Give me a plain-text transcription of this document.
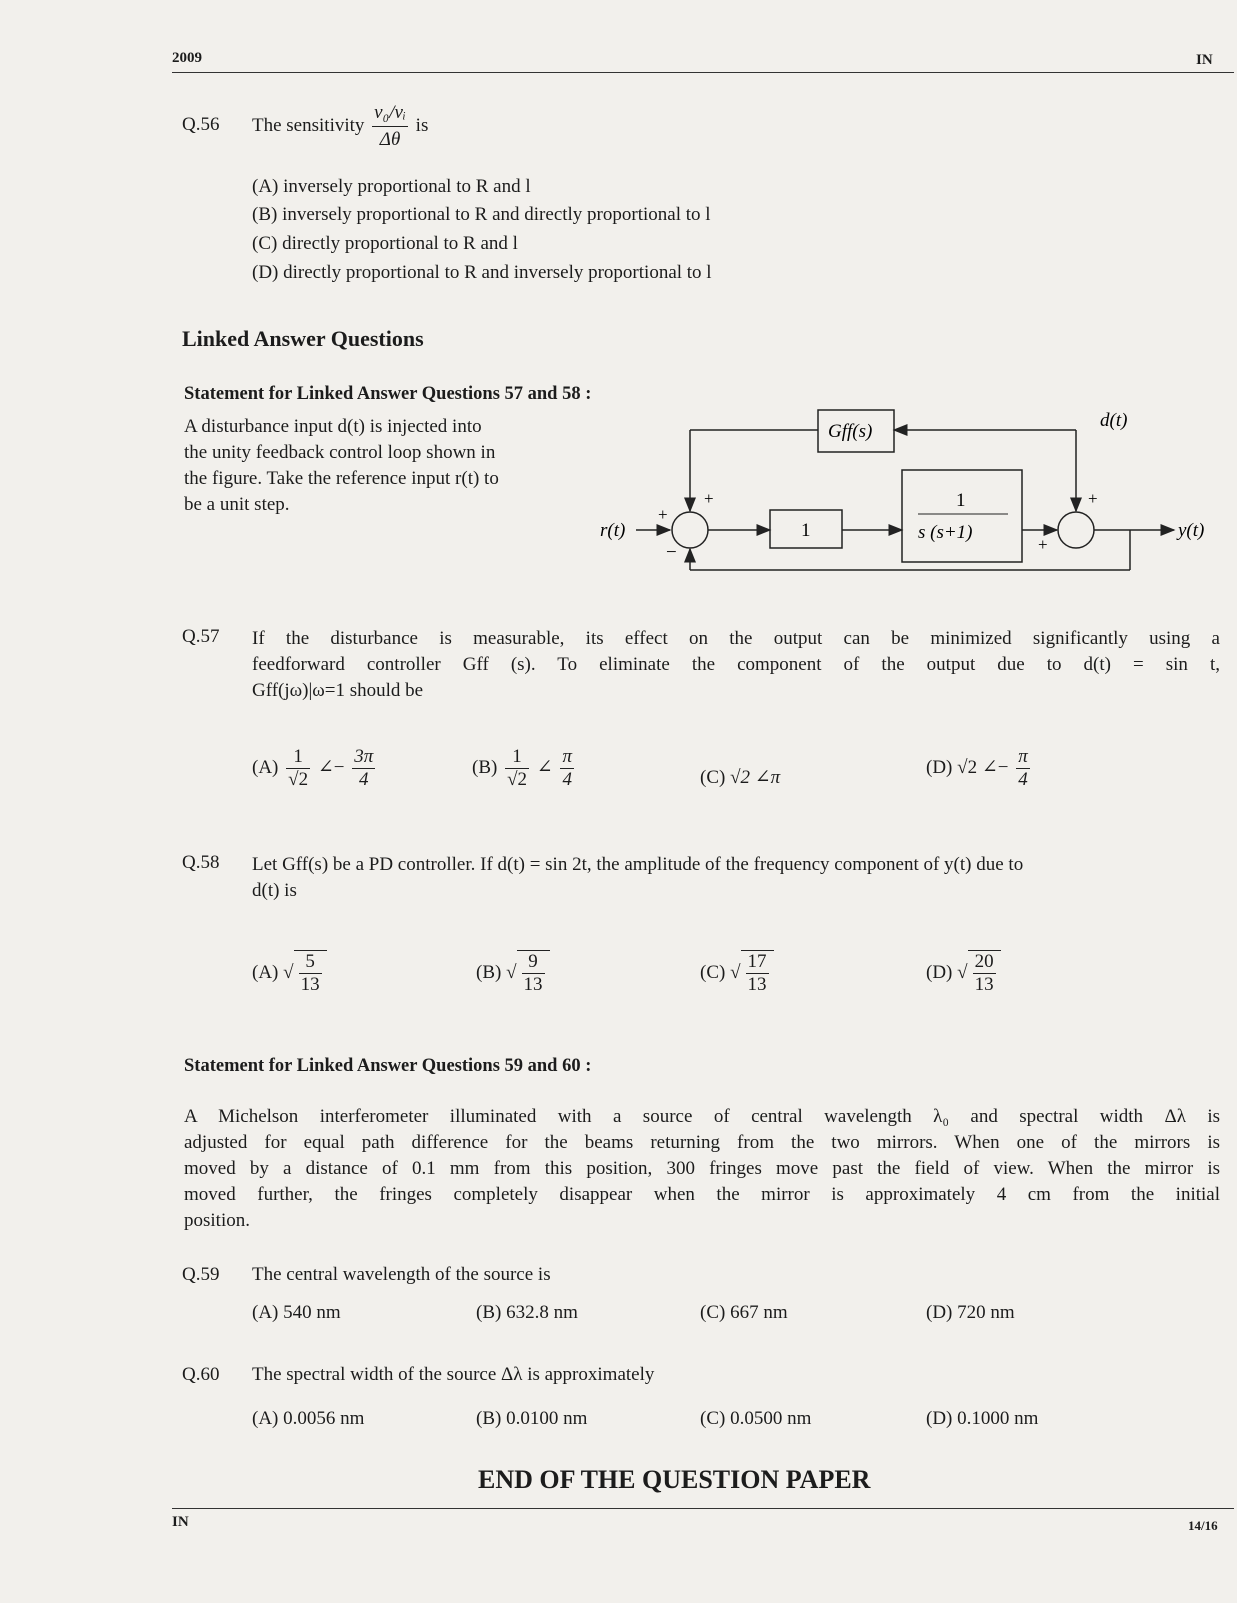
2009	IN
Q.56 The sensitivity $\frac{\text{v₀/vᵢ}}{\Delta\theta}$ is
(A) inversely proportional to R and l
(B) inversely proportional to R and directly proportional to l
(C) directly proportional to R and l
(D) directly proportional to R and inversely proportional to l
Linked Answer Questions
Statement for Linked Answer Questions 57 and 58 :
A disturbance input d(t) is injected into
the unity feedback control loop shown in
the figure. Take the reference input r(t) to
be a unit step.
r(t)
+
+
−
1
1
s (s+1)
+
+
y(t)
d(t)
Gff(s)
Q.57 If the disturbance is measurable, its effect on the output can be minimized significantly using a
feedforward controller Gff (s). To eliminate the component of the output due to d(t) = sin t,
Gff(jω)|ω=1 should be
$(A) \frac{1}{√2}$ ∠− $\frac{3\pi}{4}$	$(B) \frac{1}{√2}$ ∠ $\frac{\pi}{4}$	(C) √2 ∠π	(D) √2 ∠− $\frac{\pi}{4}$
Q.58 Let Gff(s) be a PD controller. If d(t) = sin 2t, the amplitude of the frequency component of y(t) due to
d(t) is
(A) √ $\frac{5}{13}$	(B) √ $\frac{9}{13}$	(C) √ $\frac{17}{13}$	(D) √ $\frac{20}{13}$
Statement for Linked Answer Questions 59 and 60 :
A Michelson interferometer illuminated with a source of central wavelength λ₀ and spectral width Δλ is
adjusted for equal path difference for the beams returning from the two mirrors. When one of the mirrors is
moved by a distance of 0.1 mm from this position, 300 fringes move past the field of view. When the mirror is
moved further, the fringes completely disappear when the mirror is approximately 4 cm from the initial
position.
Q.59 The central wavelength of the source is
(A) 540 nm	(B) 632.8 nm	(C) 667 nm	(D) 720 nm
Q.60 The spectral width of the source Δλ is approximately
(A) 0.0056 nm	(B) 0.0100 nm	(C) 0.0500 nm	(D) 0.1000 nm
END OF THE QUESTION PAPER
IN	14/16
